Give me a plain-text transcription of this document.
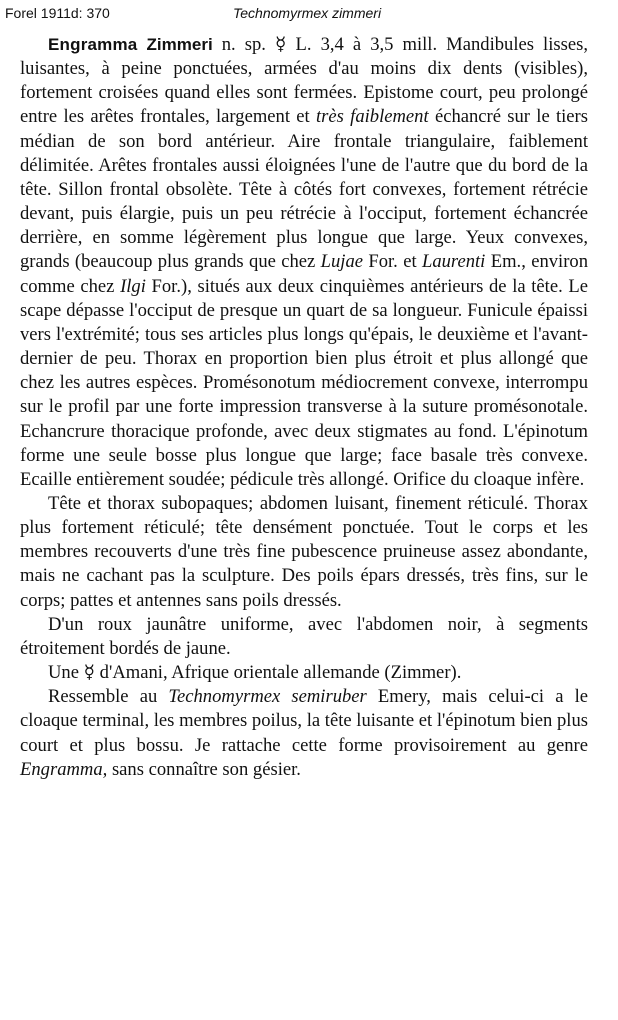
Forel 1911d: 370	Technomyrmex zimmeri

Engramma Zimmeri n. sp. ☿ L. 3,4 à 3,5 mill. Mandibules lisses, luisantes, à peine ponctuées, armées d'au moins dix dents (visibles), fortement croisées quand elles sont fermées. Epistome court, peu prolongé entre les arêtes frontales, largement et très faiblement échancré sur le tiers médian de son bord antérieur. Aire frontale triangulaire, faiblement délimitée. Arêtes frontales aussi éloignées l'une de l'autre que du bord de la tête. Sillon frontal obsolète. Tête à côtés fort convexes, fortement rétrécie devant, puis élargie, puis un peu rétrécie à l'occiput, fortement échancrée derrière, en somme légèrement plus longue que large. Yeux convexes, grands (beaucoup plus grands que chez Lujae For. et Laurenti Em., environ comme chez Ilgi For.), situés aux deux cinquièmes antérieurs de la tête. Le scape dépasse l'occiput de presque un quart de sa longueur. Funicule épaissi vers l'extrémité; tous ses articles plus longs qu'épais, le deuxième et l'avant-dernier de peu. Thorax en proportion bien plus étroit et plus allongé que chez les autres espèces. Promésonotum médiocrement convexe, interrompu sur le profil par une forte impression transverse à la suture promésonotale. Echancrure thoracique profonde, avec deux stigmates au fond. L'épinotum forme une seule bosse plus longue que large; face basale très convexe. Ecaille entièrement soudée; pédicule très allongé. Orifice du cloaque infère.

Tête et thorax subopaques; abdomen luisant, finement réticulé. Thorax plus fortement réticulé; tête densément ponctuée. Tout le corps et les membres recouverts d'une très fine pubescence pruineuse assez abondante, mais ne cachant pas la sculpture. Des poils épars dressés, très fins, sur le corps; pattes et antennes sans poils dressés.

D'un roux jaunâtre uniforme, avec l'abdomen noir, à segments étroitement bordés de jaune.

Une ☿ d'Amani, Afrique orientale allemande (Zimmer).

Ressemble au Technomyrmex semiruber Emery, mais celui-ci a le cloaque terminal, les membres poilus, la tête luisante et l'épinotum bien plus court et plus bossu. Je rattache cette forme provisoirement au genre Engramma, sans connaître son gésier.
